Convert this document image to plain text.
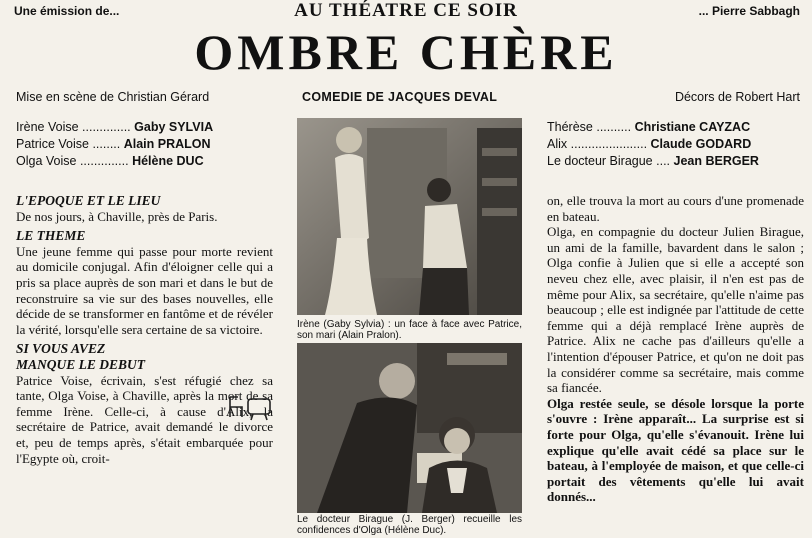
Une émission de...	AU THÉATRE CE SOIR	... Pierre Sabbagh
OMBRE CHÈRE
Mise en scène de Christian Gérard	COMEDIE DE JACQUES DEVAL	Décors de Robert Hart
Irène Voise .............. Gaby SYLVIA
Patrice Voise ........ Alain PRALON
Olga Voise .............. Hélène DUC
Thérèse .......... Christiane CAYZAC
Alix ...................... Claude GODARD
Le docteur Birague .... Jean BERGER

L'EPOQUE ET LE LIEU

De nos jours, à Chaville, près de Paris.

LE THEME

Une jeune femme qui passe pour morte revient au domicile conjugal. Afin d'éloigner celle qui a pris sa place auprès de son mari et dans le but de reconstruire sa vie sur des bases nouvelles, elle décide de se transformer en fantôme et de révéler la vérité, lorsqu'elle sera certaine de sa victoire.

SI VOUS AVEZ

MANQUE LE DEBUT

Patrice Voise, écrivain, s'est réfugié chez sa tante, Olga Voise, à Chaville, après la mort de sa femme Irène. Celle-ci, à cause d'Alix, la secrétaire de Patrice, avait demandé le divorce et, peu de temps après, s'était embarquée pour l'Egypte où, croit-

Irène (Gaby Sylvia) : un face à face avec Patrice, son mari (Alain Pralon).
Le docteur Birague (J. Berger) recueille les confidences d'Olga (Hélène Duc).

on, elle trouva la mort au cours d'une promenade en bateau.

Olga, en compagnie du docteur Julien Birague, un ami de la famille, bavardent dans le salon ; Olga confie à Julien que si elle a accepté son neveu chez elle, avec plaisir, il n'en est pas de même pour Alix, sa secrétaire, qu'elle n'aime pas beaucoup ; elle est indignée par l'attitude de cette femme qui a déjà remplacé Irène auprès de Patrice. Alix ne cache pas d'ailleurs qu'elle a l'intention d'épouser Patrice, et qu'on ne doit pas la considérer comme sa secrétaire, mais comme sa fiancée.

Olga restée seule, se désole lorsque la porte s'ouvre : Irène apparaît... La surprise est si forte pour Olga, qu'elle s'évanouit. Irène lui explique qu'elle avait cédé sa place sur le bateau, à l'employée de maison, et que celle-ci portait des vêtements qu'elle lui avait donnés...
